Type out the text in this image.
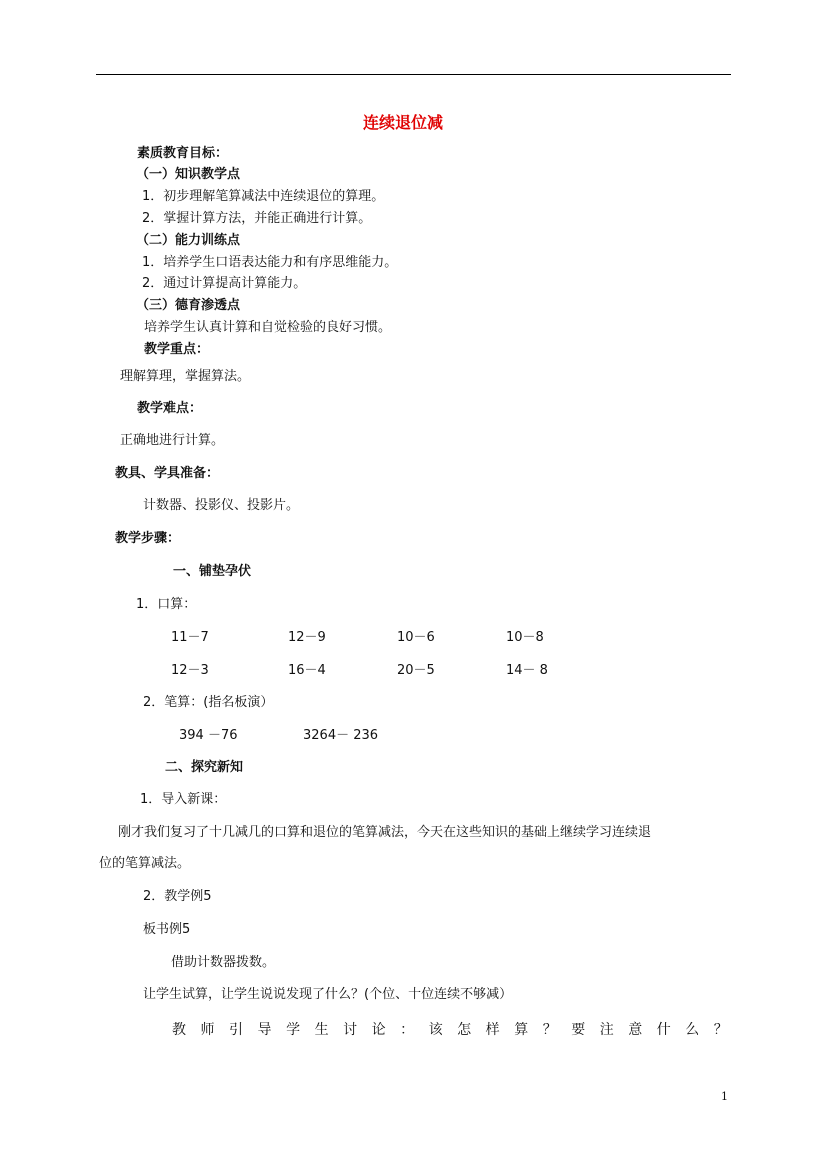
连续退位减
素质教育目标：
（一）知识教学点
1．初步理解笔算减法中连续退位的算理。
2．掌握计算方法，并能正确进行计算。
（二）能力训练点
1．培养学生口语表达能力和有序思维能力。
2．通过计算提高计算能力。
（三）德育渗透点
培养学生认真计算和自觉检验的良好习惯。
教学重点：
理解算理，掌握算法。
教学难点：
正确地进行计算。
教具、学具准备：
计数器、投影仪、投影片。
教学步骤：
一、铺垫孕伏
1．口算：
11－7	12－9	10－6	10－8
12－3	16－4	20－5	14－ 8
2．笔算：(指名板演）
394 －76	3264－ 236
二、探究新知
1．导入新课：
刚才我们复习了十几减几的口算和退位的笔算减法，今天在这些知识的基础上继续学习连续退
位的笔算减法。
2．教学例5
板书例5
借助计数器拨数。
让学生试算，让学生说说发现了什么？(个位、十位连续不够减）
教 师 引 导 学 生 讨 论 ： 该 怎 样 算 ？ 要 注 意 什 么 ？
1
